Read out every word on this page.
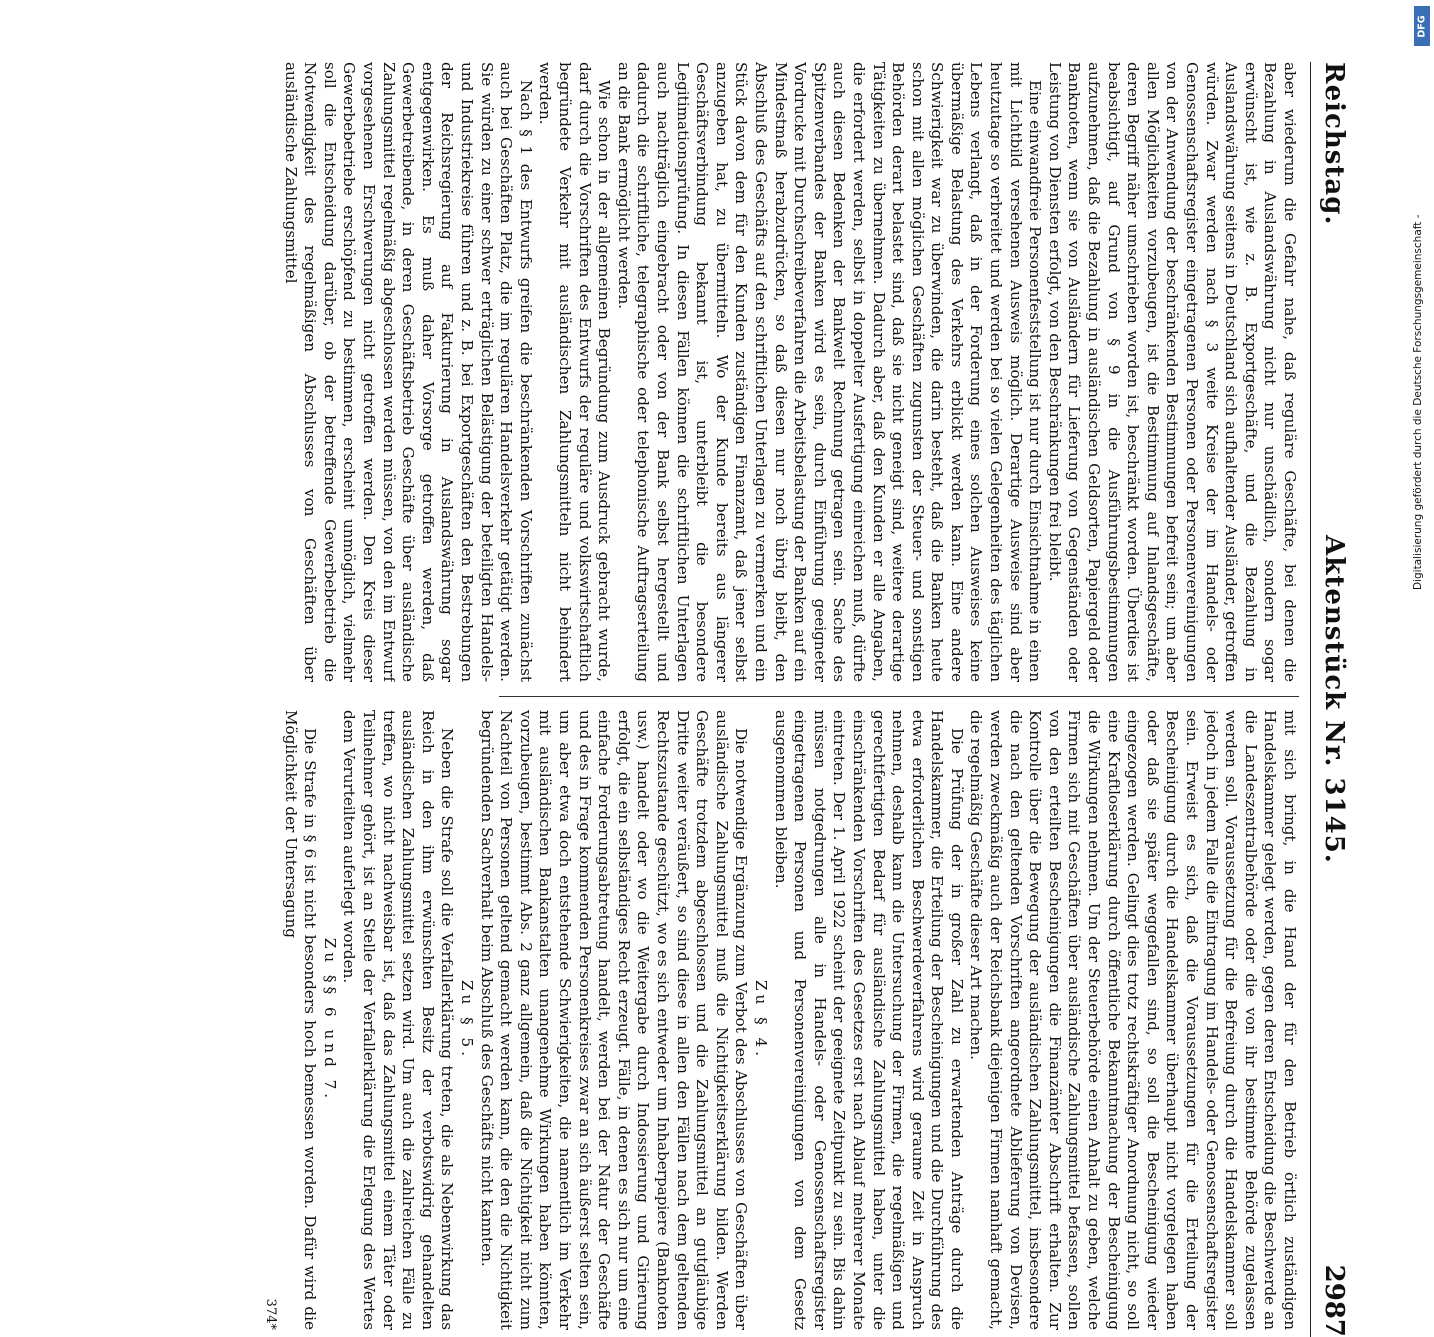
Reichstag.
Aktenstück Nr. 3145.
2987

aber wiederum die Gefahr nahe, daß reguläre Geschäfte, bei denen die Bezahlung in Auslandswährung nicht nur unschädlich, sondern sogar erwünscht ist, wie z. B. Exportgeschäfte, und die Bezahlung in Auslandswährung seitens in Deutschland sich aufhaltender Ausländer, getroffen würden. Zwar werden nach § 3 weite Kreise der im Handels- oder Genossenschaftsregister eingetragenen Personen oder Personenvereinigungen von der Anwendung der beschränkenden Bestimmungen befreit sein; um aber allen Möglichkeiten vorzubeugen, ist die Bestimmung auf Inlandsgeschäfte, deren Begriff näher umschrieben worden ist, beschränkt worden. Überdies ist beabsichtigt, auf Grund von § 9 in die Ausführungsbestimmungen aufzunehmen, daß die Bezahlung in ausländischen Geldsorten, Papiergeld oder Banknoten, wenn sie von Ausländern für Lieferung von Gegenständen oder Leistung von Diensten erfolgt, von den Beschränkungen frei bleibt.

Eine einwandfreie Personenfeststellung ist nur durch Einsichtnahme in einen mit Lichtbild versehenen Ausweis möglich. Derartige Ausweise sind aber heutzutage so verbreitet und werden bei so vielen Gelegenheiten des täglichen Lebens verlangt, daß in der Forderung eines solchen Ausweises keine übermäßige Belastung des Verkehrs erblickt werden kann. Eine andere Schwierigkeit war zu überwinden, die darin besteht, daß die Banken heute schon mit allen möglichen Geschäften zugunsten der Steuer- und sonstigen Behörden derart belastet sind, daß sie nicht geneigt sind, weitere derartige Tätigkeiten zu übernehmen. Dadurch aber, daß den Kunden er alle Angaben, die erfordert werden, selbst in doppelter Ausfertigung einreichen muß, dürfte auch diesen Bedenken der Bankwelt Rechnung getragen sein. Sache des Spitzenverbandes der Banken wird es sein, durch Einführung geeigneter Vordrucke mit Durchschreibeverfahren die Arbeitsbelastung der Banken auf ein Mindestmaß herabzudrücken, so daß diesen nur noch übrig bleibt, den Abschluß des Geschäfts auf den schriftlichen Unterlagen zu vermerken und ein Stück davon dem für den Kunden zuständigen Finanzamt, daß jener selbst anzugeben hat, zu übermitteln. Wo der Kunde bereits aus längerer Geschäftsverbindung bekannt ist, unterbleibt die besondere Legitimationsprüfung. In diesen Fällen können die schriftlichen Unterlagen auch nachträglich eingebracht oder von der Bank selbst hergestellt und dadurch die schriftliche, telegraphische oder telephonische Auftragserteilung an die Bank ermöglicht werden.

Wie schon in der allgemeinen Begründung zum Ausdruck gebracht wurde, darf durch die Vorschriften des Entwurfs der reguläre und volkswirtschaftlich begründete Verkehr mit ausländischen Zahlungsmitteln nicht behindert werden.

Nach § 1 des Entwurfs greifen die beschränkenden Vorschriften zunächst auch bei Geschäften Platz, die im regulären Handelsverkehr getätigt werden. Sie würden zu einer schwer erträglichen Belästigung der beteiligten Handels- und Industriekreise führen und z. B. bei Exportgeschäften den Bestrebungen der Reichsregierung auf Fakturierung in Auslandswährung sogar entgegenwirken. Es muß daher Vorsorge getroffen werden, daß Gewerbetreibende, in deren Geschäftsbetrieb Geschäfte über ausländische Zahlungsmittel regelmäßig abgeschlossen werden müssen, von den im Entwurf vorgesehenen Erschwerungen nicht getroffen werden. Den Kreis dieser Gewerbebetriebe erschöpfend zu bestimmen, erscheint unmöglich, vielmehr soll die Entscheidung darüber, ob der betreffende Gewerbebetrieb die Notwendigkeit des regelmäßigen Abschlusses von Geschäften über ausländische Zahlungsmittel

mit sich bringt, in die Hand der für den Betrieb örtlich zuständigen Handelskammer gelegt werden, gegen deren Entscheidung die Beschwerde an die Landeszentralbehörde oder die von ihr bestimmte Behörde zugelassen werden soll. Voraussetzung für die Befreiung durch die Handelskammer soll jedoch in jedem Falle die Eintragung im Handels- oder Genossenschaftsregister sein. Erweist es sich, daß die Voraussetzungen für die Erteilung der Bescheinigung durch die Handelskammer überhaupt nicht vorgelegen haben oder daß sie später weggefallen sind, so soll die Bescheinigung wieder eingezogen werden. Gelingt dies trotz rechtskräftiger Anordnung nicht, so soll eine Kraftloserklärung durch öffentliche Bekanntmachung der Bescheinigung die Wirkungen nehmen. Um der Steuerbehörde einen Anhalt zu geben, welche Firmen sich mit Geschäften über ausländische Zahlungsmittel befassen, sollen von den erteilten Bescheinigungen die Finanzämter Abschrift erhalten. Zur Kontrolle über die Bewegung der ausländischen Zahlungsmittel, insbesondere die nach den geltenden Vorschriften angeordnete Ablieferung von Devisen, werden zweckmäßig auch der Reichsbank diejenigen Firmen namhaft gemacht, die regelmäßig Geschäfte dieser Art machen.

Die Prüfung der in großer Zahl zu erwartenden Anträge durch die Handelskammer, die Erteilung der Bescheinigungen und die Durchführung des etwa erforderlichen Beschwerdeverfahrens wird geraume Zeit in Anspruch nehmen, deshalb kann die Untersuchung der Firmen, die regelmäßigen und gerechtfertigten Bedarf für ausländische Zahlungsmittel haben, unter die einschränkenden Vorschriften des Gesetzes erst nach Ablauf mehrerer Monate eintreten. Der 1. April 1922 scheint der geeignete Zeitpunkt zu sein. Bis dahin müssen notgedrungen alle in Handels- oder Genossenschaftsregister eingetragenen Personen und Personenvereinigungen von dem Gesetz ausgenommen bleiben.

Zu § 4.

Die notwendige Ergänzung zum Verbot des Abschlusses von Geschäften über ausländische Zahlungsmittel muß die Nichtigkeitserklärung bilden. Werden Geschäfte trotzdem abgeschlossen und die Zahlungsmittel an gutgläubige Dritte weiter veräußert, so sind diese in allen den Fällen nach dem geltenden Rechtszustande geschützt, wo es sich entweder um Inhaberpapiere (Banknoten usw.) handelt oder wo die Weitergabe durch Indossierung und Girierung erfolgt, die ein selbständiges Recht erzeugt. Fälle, in denen es sich nur um eine einfache Forderungsabtretung handelt, werden bei der Natur der Geschäfte und des in Frage kommenden Personenkreises zwar an sich äußerst selten sein, um aber etwa doch entstehende Schwierigkeiten, die namentlich im Verkehr mit ausländischen Bankanstalten unangenehme Wirkungen haben könnten, vorzubeugen, bestimmt Abs. 2 ganz allgemein, daß die Nichtigkeit nicht zum Nachteil von Personen geltend gemacht werden kann, die den die Nichtigkeit begründenden Sachverhalt beim Abschluß des Geschäfts nicht kannten.

Zu § 5.

Neben die Strafe soll die Verfallerklärung treten, die als Nebenwirkung das Reich in den ihm erwünschten Besitz der verbotswidrig gehandelten ausländischen Zahlungsmittel setzen wird. Um auch die zahlreichen Fälle zu treffen, wo nicht nachweisbar ist, daß das Zahlungsmittel einem Täter oder Teilnehmer gehört, ist an Stelle der Verfallerklärung die Erlegung des Wertes dem Verurteilten auferlegt worden.

Zu §§ 6 und 7.

Die Strafe in § 6 ist nicht besonders hoch bemessen worden. Dafür wird die Möglichkeit der Untersagung

374*

DFG
Digitalisierung gefördert durch die Deutsche Forschungsgemeinschaft -
